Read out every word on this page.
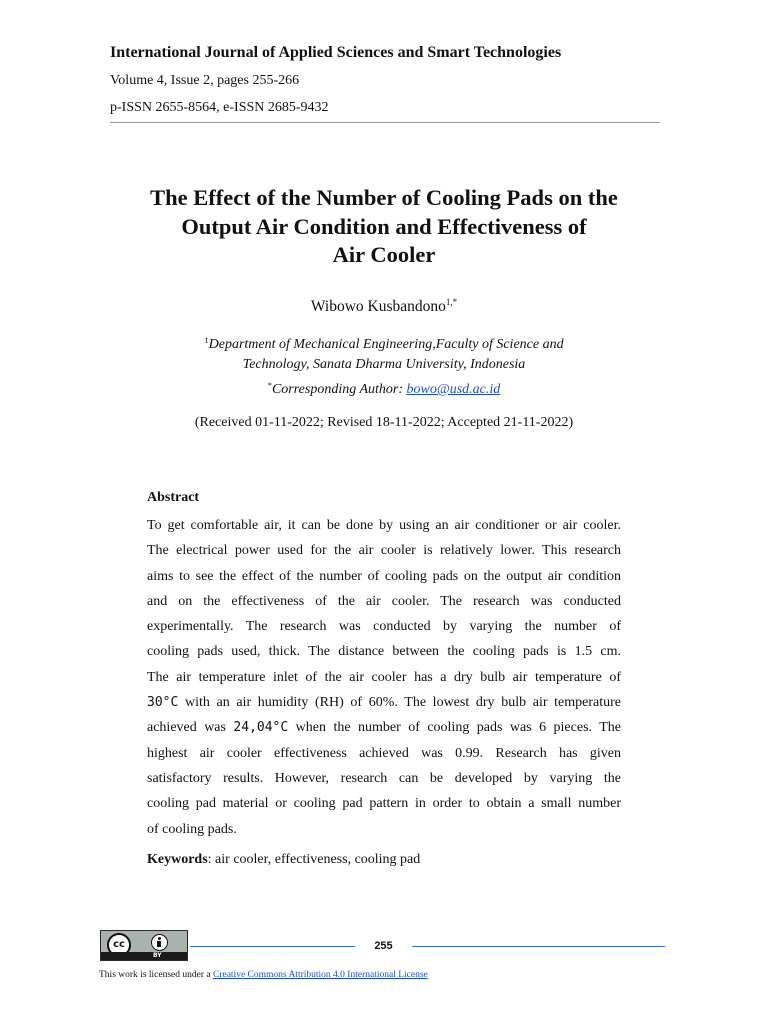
International Journal of Applied Sciences and Smart Technologies
Volume 4, Issue 2, pages 255-266
p-ISSN 2655-8564, e-ISSN 2685-9432
The Effect of the Number of Cooling Pads on the
Output Air Condition and Effectiveness of
Air Cooler
Wibowo Kusbandono$^{1,*}$
$^1$Department of Mechanical Engineering,Faculty of Science and
Technology, Sanata Dharma University, Indonesia
*Corresponding Author: bowo@usd.ac.id
(Received 01-11-2022; Revised 18-11-2022; Accepted 21-11-2022)
Abstract
To get comfortable air, it can be done by using an air conditioner or air cooler.
The electrical power used for the air cooler is relatively lower. This research
aims to see the effect of the number of cooling pads on the output air condition
and on the effectiveness of the air cooler. The research was conducted
experimentally. The research was conducted by varying the number of
cooling pads used, thick. The distance between the cooling pads is 1.5 cm.
The air temperature inlet of the air cooler has a dry bulb air temperature of
30°C with an air humidity (RH) of 60%. The lowest dry bulb air temperature
achieved was 24,04°C when the number of cooling pads was 6 pieces. The
highest air cooler effectiveness achieved was 0.99. Research has given
satisfactory results. However, research can be developed by varying the
cooling pad material or cooling pad pattern in order to obtain a small number
of cooling pads.
Keywords: air cooler, effectiveness, cooling pad
cc
BY
255
This work is licensed under a Creative Commons Attribution 4.0 International License
